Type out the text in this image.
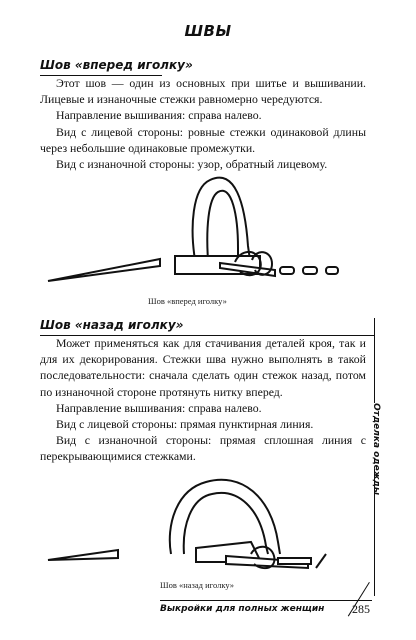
ШВЫ
Шов «вперед иголку»

Этот шов — один из основных при шитье и вышивании. Лицевые и изнаночные стежки равномерно чередуются.

Направление вышивания: справа налево.

Вид с лицевой стороны: ровные стежки одинаковой длины через небольшие одинаковые промежутки.

Вид с изнаночной стороны: узор, обратный лицевому.

Шов «вперед иголку»
Шов «назад иголку»

Может применяться как для стачивания деталей кроя, так и для их декорирования. Стежки шва нужно выполнять в такой последовательности: сначала сделать один стежок назад, потом по изнаночной стороне протянуть нитку вперед.

Направление вышивания: справа налево.

Вид с лицевой стороны: прямая пунктирная линия.

Вид с изнаночной стороны: прямая сплошная линия с перекрывающимися стежками.

Шов «назад иголку»
Отделка одежды
Выкройки для полных женщин 285
